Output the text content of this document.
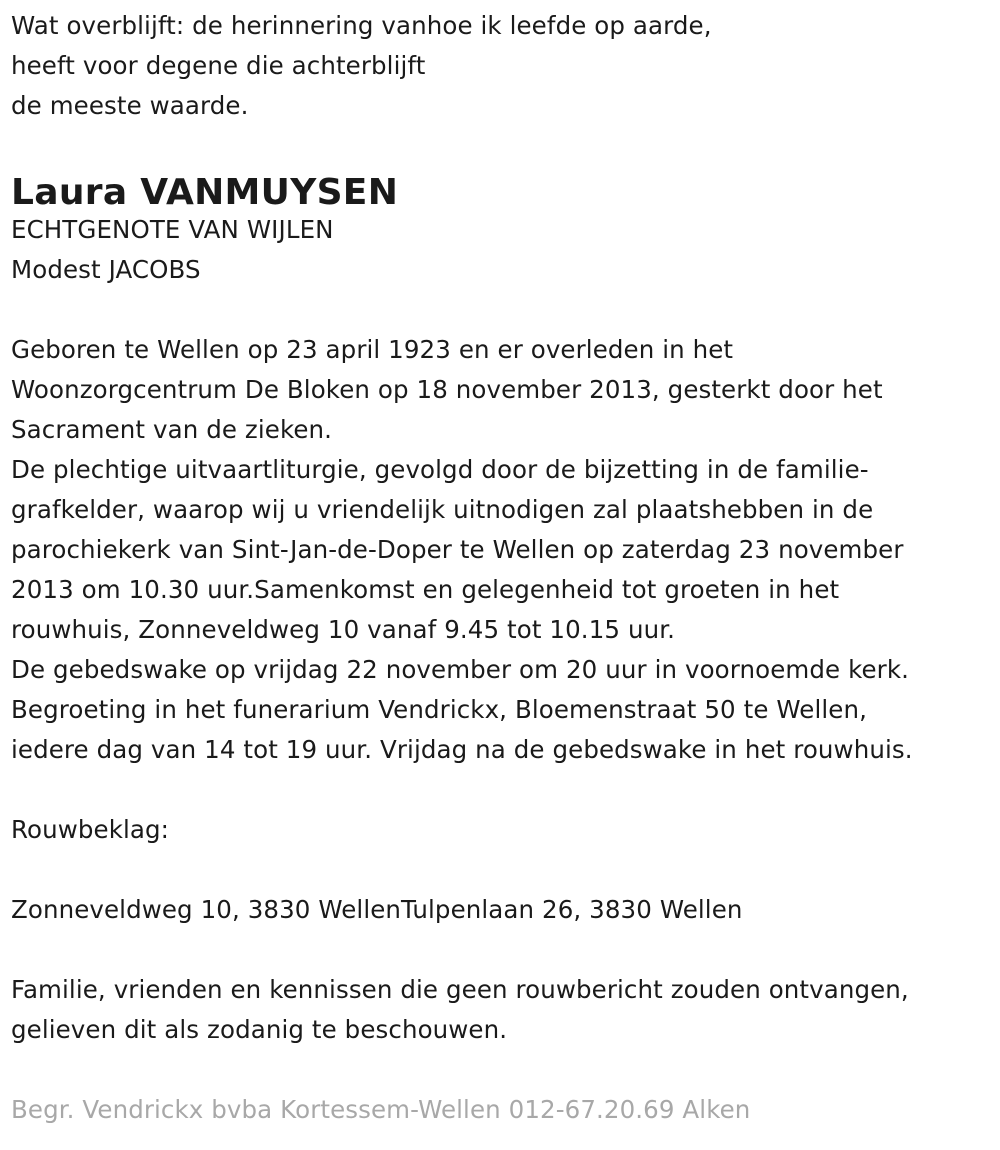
Wat overblijft: de herinnering vanhoe ik leefde op aarde,
heeft voor degene die achterblijft
de meeste waarde.
Laura VANMUYSEN
ECHTGENOTE VAN WIJLEN
Modest JACOBS
Geboren te Wellen op 23 april 1923 en er overleden in het
Woonzorgcentrum De Bloken op 18 november 2013, gesterkt door het
Sacrament van de zieken.
De plechtige uitvaartliturgie, gevolgd door de bijzetting in de familie-
grafkelder, waarop wij u vriendelijk uitnodigen zal plaatshebben in de
parochiekerk van Sint-Jan-de-Doper te Wellen op zaterdag 23 november
2013 om 10.30 uur.Samenkomst en gelegenheid tot groeten in het
rouwhuis, Zonneveldweg 10 vanaf 9.45 tot 10.15 uur.
De gebedswake op vrijdag 22 november om 20 uur in voornoemde kerk.
Begroeting in het funerarium Vendrickx, Bloemenstraat 50 te Wellen,
iedere dag van 14 tot 19 uur. Vrijdag na de gebedswake in het rouwhuis.
Rouwbeklag:
Zonneveldweg 10, 3830 WellenTulpenlaan 26, 3830 Wellen
Familie, vrienden en kennissen die geen rouwbericht zouden ontvangen,
gelieven dit als zodanig te beschouwen.
Begr. Vendrickx bvba Kortessem-Wellen 012-67.20.69 Alken
